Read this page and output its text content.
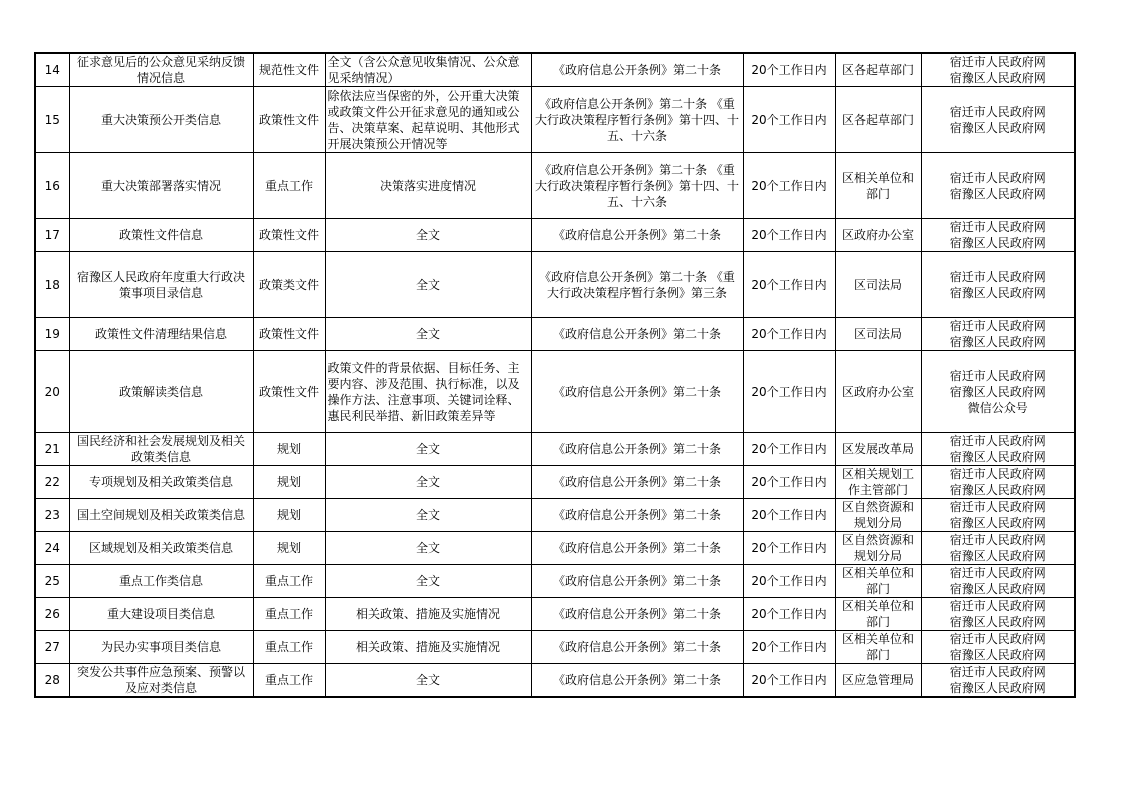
14	征求意见后的公众意见采纳反馈情况信息	规范性文件	全文（含公众意见收集情况、公众意见采纳情况）	《政府信息公开条例》第二十条	20个工作日内	区各起草部门	宿迁市人民政府网
宿豫区人民政府网
15	重大决策预公开类信息	政策性文件	除依法应当保密的外，公开重大决策或政策文件公开征求意见的通知或公告、决策草案、起草说明、其他形式开展决策预公开情况等	《政府信息公开条例》第二十条 《重大行政决策程序暂行条例》第十四、十五、十六条	20个工作日内	区各起草部门	宿迁市人民政府网
宿豫区人民政府网
16	重大决策部署落实情况	重点工作	决策落实进度情况	《政府信息公开条例》第二十条 《重大行政决策程序暂行条例》第十四、十五、十六条	20个工作日内	区相关单位和部门	宿迁市人民政府网
宿豫区人民政府网
17	政策性文件信息	政策性文件	全文	《政府信息公开条例》第二十条	20个工作日内	区政府办公室	宿迁市人民政府网
宿豫区人民政府网
18	宿豫区人民政府年度重大行政决策事项目录信息	政策类文件	全文	《政府信息公开条例》第二十条 《重大行政决策程序暂行条例》第三条	20个工作日内	区司法局	宿迁市人民政府网
宿豫区人民政府网
19	政策性文件清理结果信息	政策性文件	全文	《政府信息公开条例》第二十条	20个工作日内	区司法局	宿迁市人民政府网
宿豫区人民政府网
20	政策解读类信息	政策性文件	政策文件的背景依据、目标任务、主要内容、涉及范围、执行标准，以及操作方法、注意事项、关键词诠释、惠民利民举措、新旧政策差异等	《政府信息公开条例》第二十条	20个工作日内	区政府办公室	宿迁市人民政府网
宿豫区人民政府网
微信公众号
21	国民经济和社会发展规划及相关政策类信息	规划	全文	《政府信息公开条例》第二十条	20个工作日内	区发展改革局	宿迁市人民政府网
宿豫区人民政府网
22	专项规划及相关政策类信息	规划	全文	《政府信息公开条例》第二十条	20个工作日内	区相关规划工作主管部门	宿迁市人民政府网
宿豫区人民政府网
23	国土空间规划及相关政策类信息	规划	全文	《政府信息公开条例》第二十条	20个工作日内	区自然资源和规划分局	宿迁市人民政府网
宿豫区人民政府网
24	区域规划及相关政策类信息	规划	全文	《政府信息公开条例》第二十条	20个工作日内	区自然资源和规划分局	宿迁市人民政府网
宿豫区人民政府网
25	重点工作类信息	重点工作	全文	《政府信息公开条例》第二十条	20个工作日内	区相关单位和部门	宿迁市人民政府网
宿豫区人民政府网
26	重大建设项目类信息	重点工作	相关政策、措施及实施情况	《政府信息公开条例》第二十条	20个工作日内	区相关单位和部门	宿迁市人民政府网
宿豫区人民政府网
27	为民办实事项目类信息	重点工作	相关政策、措施及实施情况	《政府信息公开条例》第二十条	20个工作日内	区相关单位和部门	宿迁市人民政府网
宿豫区人民政府网
28	突发公共事件应急预案、预警以及应对类信息	重点工作	全文	《政府信息公开条例》第二十条	20个工作日内	区应急管理局	宿迁市人民政府网
宿豫区人民政府网
